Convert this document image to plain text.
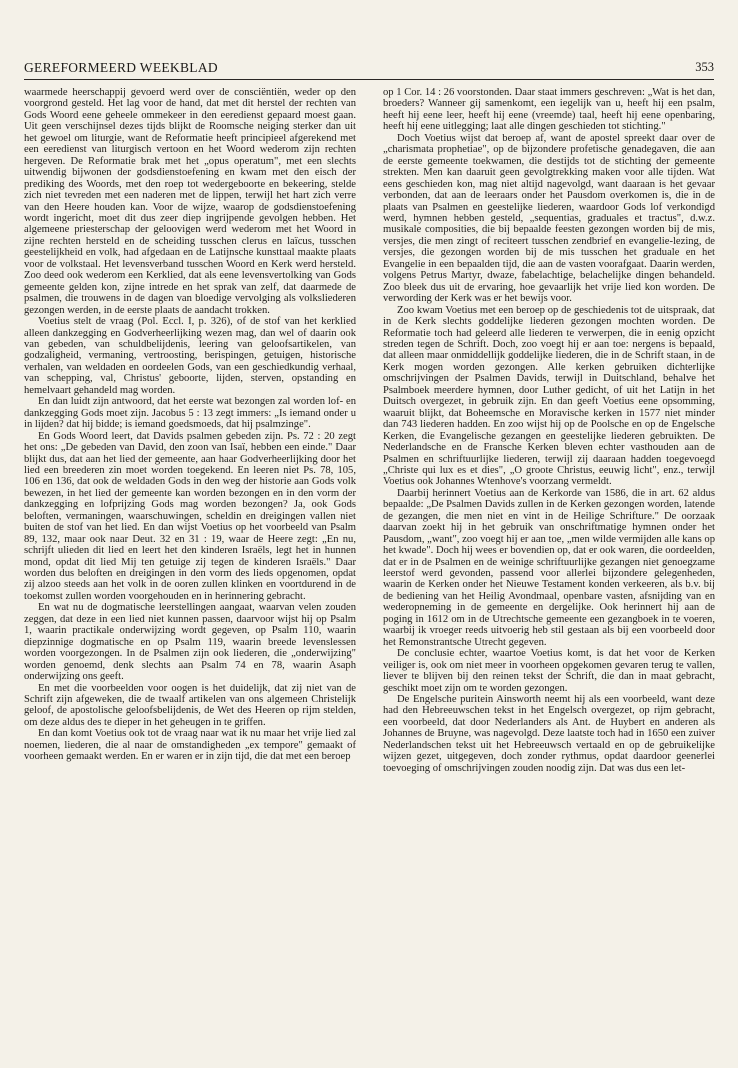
GEREFORMEERD WEEKBLAD	353

waarmede heerschappij gevoerd werd over de consciëntiën, weder op den voorgrond gesteld. Het lag voor de hand, dat met dit herstel der rechten van Gods Woord eene geheele ommekeer in den eeredienst gepaard moest gaan. Uit geen verschijnsel dezes tijds blijkt de Roomsche neiging sterker dan uit het gewoel om liturgie, want de Reformatie heeft principieel afgerekend met een eeredienst van liturgisch vertoon en het Woord wederom zijn rechten hergeven. De Reformatie brak met het „opus operatum", met een slechts uitwendig bijwonen der godsdienstoefening en kwam met den eisch der prediking des Woords, met den roep tot wedergeboorte en bekeering, stelde zich niet tevreden met een naderen met de lippen, terwijl het hart zich verre van den Heere houden kan. Voor de wijze, waarop de godsdienstoefening wordt ingericht, moet dit dus zeer diep ingrijpende gevolgen hebben. Het algemeene priesterschap der geloovigen werd wederom met het Woord in zijne rechten hersteld en de scheiding tusschen clerus en laïcus, tusschen geestelijkheid en volk, had afgedaan en de Latijnsche kunsttaal maakte plaats voor de volkstaal. Het levensverband tusschen Woord en Kerk werd hersteld. Zoo deed ook wederom een Kerklied, dat als eene levensvertolking van Gods gemeente gelden kon, zijne intrede en het sprak van zelf, dat daarmede de psalmen, die trouwens in de dagen van bloedige vervolging als volksliederen gezongen werden, in de eerste plaats de aandacht trokken.

Voetius stelt de vraag (Pol. Eccl. I, p. 326), of de stof van het kerklied alleen dankzegging en Godverheerlijking wezen mag, dan wel of daarin ook van gebeden, van schuldbelijdenis, leering van geloofsartikelen, van godzaligheid, vermaning, vertroosting, berispingen, getuigen, historische verhalen, van weldaden en oordeelen Gods, van een geschiedkundig verhaal, van schepping, val, Christus' geboorte, lijden, sterven, opstanding en hemelvaart gehandeld mag worden.

En dan luidt zijn antwoord, dat het eerste wat bezongen zal worden lof- en dankzegging Gods moet zijn. Jacobus 5 : 13 zegt immers: „Is iemand onder u in lijden? dat hij bidde; is iemand goedsmoeds, dat hij psalmzinge".

En Gods Woord leert, dat Davids psalmen gebeden zijn. Ps. 72 : 20 zegt het ons: „De gebeden van David, den zoon van Isaï, hebben een einde." Daar blijkt dus, dat aan het lied der gemeente, aan haar Godverheerlijking door het lied een breederen zin moet worden toegekend. En leeren niet Ps. 78, 105, 106 en 136, dat ook de weldaden Gods in den weg der historie aan Gods volk bewezen, in het lied der gemeente kan worden bezongen en in den vorm der dankzegging en lofprijzing Gods mag worden bezongen? Ja, ook Gods beloften, vermaningen, waarschuwingen, scheldin en dreigingen vallen niet buiten de stof van het lied. En dan wijst Voetius op het voorbeeld van Psalm 89, 132, maar ook naar Deut. 32 en 31 : 19, waar de Heere zegt: „En nu, schrijft ulieden dit lied en leert het den kinderen Israëls, legt het in hunnen mond, opdat dit lied Mij ten getuige zij tegen de kinderen Israëls." Daar worden dus beloften en dreigingen in den vorm des lieds opgenomen, opdat zij alzoo steeds aan het volk in de ooren zullen klinken en voortdurend in de toekomst zullen worden voorgehouden en in herinnering gebracht.

En wat nu de dogmatische leerstellingen aangaat, waarvan velen zouden zeggen, dat deze in een lied niet kunnen passen, daarvoor wijst hij op Psalm 1, waarin practikale onderwijzing wordt gegeven, op Psalm 110, waarin diepzinnige dogmatische en op Psalm 119, waarin breede levenslessen worden voorgezongen. In de Psalmen zijn ook liederen, die „onderwijzing" worden genoemd, denk slechts aan Psalm 74 en 78, waarin Asaph onderwijzing ons geeft.

En met die voorbeelden voor oogen is het duidelijk, dat zij niet van de Schrift zijn afgeweken, die de twaalf artikelen van ons algemeen Christelijk geloof, de apostolische geloofsbelijdenis, de Wet des Heeren op rijm stelden, om deze aldus des te dieper in het geheugen in te griffen.

En dan komt Voetius ook tot de vraag naar wat ik nu maar het vrije lied zal noemen, liederen, die al naar de omstandigheden „ex tempore" gemaakt of voorheen gemaakt werden. En er waren er in zijn tijd, die dat met een beroep

op 1 Cor. 14 : 26 voorstonden. Daar staat immers geschreven: „Wat is het dan, broeders? Wanneer gij samenkomt, een iegelijk van u, heeft hij een psalm, heeft hij eene leer, heeft hij eene (vreemde) taal, heeft hij eene openbaring, heeft hij eene uitlegging; laat alle dingen geschieden tot stichting."

Doch Voetius wijst dat beroep af, want de apostel spreekt daar over de „charismata prophetiae", op de bijzondere profetische genadegaven, die aan de eerste gemeente toekwamen, die destijds tot de stichting der gemeente strekten. Men kan daaruit geen gevolgtrekking maken voor alle tijden. Wat eens geschieden kon, mag niet altijd nagevolgd, want daaraan is het gevaar verbonden, dat aan de leeraars onder het Pausdom overkomen is, die in de plaats van Psalmen en geestelijke liederen, waardoor Gods lof verkondigd werd, hymnen hebben gesteld, „sequentias, graduales et tractus", d.w.z. musikale composities, die bij bepaalde feesten gezongen worden bij de mis, versjes, die men zingt of reciteert tusschen zendbrief en evangelie-lezing, de versjes, die gezongen worden bij de mis tusschen het graduale en het Evangelie in een bepaalden tijd, die aan de vasten voorafgaat. Daarin werden, volgens Petrus Martyr, dwaze, fabelachtige, belachelijke dingen behandeld. Zoo bleek dus uit de ervaring, hoe gevaarlijk het vrije lied kon worden. De verwording der Kerk was er het bewijs voor.

Zoo kwam Voetius met een beroep op de geschiedenis tot de uitspraak, dat in de Kerk slechts goddelijke liederen gezongen mochten worden. De Reformatie toch had geleerd alle liederen te verwerpen, die in eenig opzicht streden tegen de Schrift. Doch, zoo voegt hij er aan toe: nergens is bepaald, dat alleen maar onmiddellijk goddelijke liederen, die in de Schrift staan, in de Kerk mogen worden gezongen. Alle kerken gebruiken dichterlijke omschrijvingen der Psalmen Davids, terwijl in Duitschland, behalve het Psalmboek meerdere hymnen, door Luther gedicht, of uit het Latijn in het Duitsch overgezet, in gebruik zijn. En dan geeft Voetius eene opsomming, waaruit blijkt, dat Boheemsche en Moravische kerken in 1577 niet minder dan 743 liederen hadden. En zoo wijst hij op de Poolsche en op de Engelsche Kerken, die Evangelische gezangen en geestelijke liederen gebruikten. De Nederlandsche en de Fransche Kerken bleven echter vasthouden aan de Psalmen en schriftuurlijke liederen, terwijl zij daaraan hadden toegevoegd „Christe qui lux es et dies", „O groote Christus, eeuwig licht", enz., terwijl Voetius ook Johannes Wtenhove's voorzang vermeldt.

Daarbij herinnert Voetius aan de Kerkorde van 1586, die in art. 62 aldus bepaalde: „De Psalmen Davids zullen in de Kerken gezongen worden, latende de gezangen, die men niet en vint in de Heilige Schrifture." De oorzaak daarvan zoekt hij in het gebruik van onschriftmatige hymnen onder het Pausdom, „want", zoo voegt hij er aan toe, „men wilde vermijden alle kans op het kwade". Doch hij wees er bovendien op, dat er ook waren, die oordeelden, dat er in de Psalmen en de weinige schriftuurlijke gezangen niet genoegzame leerstof werd gevonden, passend voor allerlei bijzondere gelegenheden, waarin de Kerken onder het Nieuwe Testament konden verkeeren, als b.v. bij de bediening van het Heilig Avondmaal, openbare vasten, afsnijding van en wederopneming in de gemeente en dergelijke. Ook herinnert hij aan de poging in 1612 om in de Utrechtsche gemeente een gezangboek in te voeren, waarbij ik vroeger reeds uitvoerig heb stil gestaan als bij een voorbeeld door het Remonstrantsche Utrecht gegeven.

De conclusie echter, waartoe Voetius komt, is dat het voor de Kerken veiliger is, ook om niet meer in voorheen opgekomen gevaren terug te vallen, liever te blijven bij den reinen tekst der Schrift, die dan in maat gebracht, geschikt moet zijn om te worden gezongen.

De Engelsche puritein Ainsworth neemt hij als een voorbeeld, want deze had den Hebreeuwschen tekst in het Engelsch overgezet, op rijm gebracht, een voorbeeld, dat door Nederlanders als Ant. de Huybert en anderen als Johannes de Bruyne, was nagevolgd. Deze laatste toch had in 1650 een zuiver Nederlandschen tekst uit het Hebreeuwsch vertaald en op de gebruikelijke wijzen gezet, uitgegeven, doch zonder rythmus, opdat daardoor geenerlei toevoeging of omschrijvingen zouden noodig zijn. Dat was dus een let-
